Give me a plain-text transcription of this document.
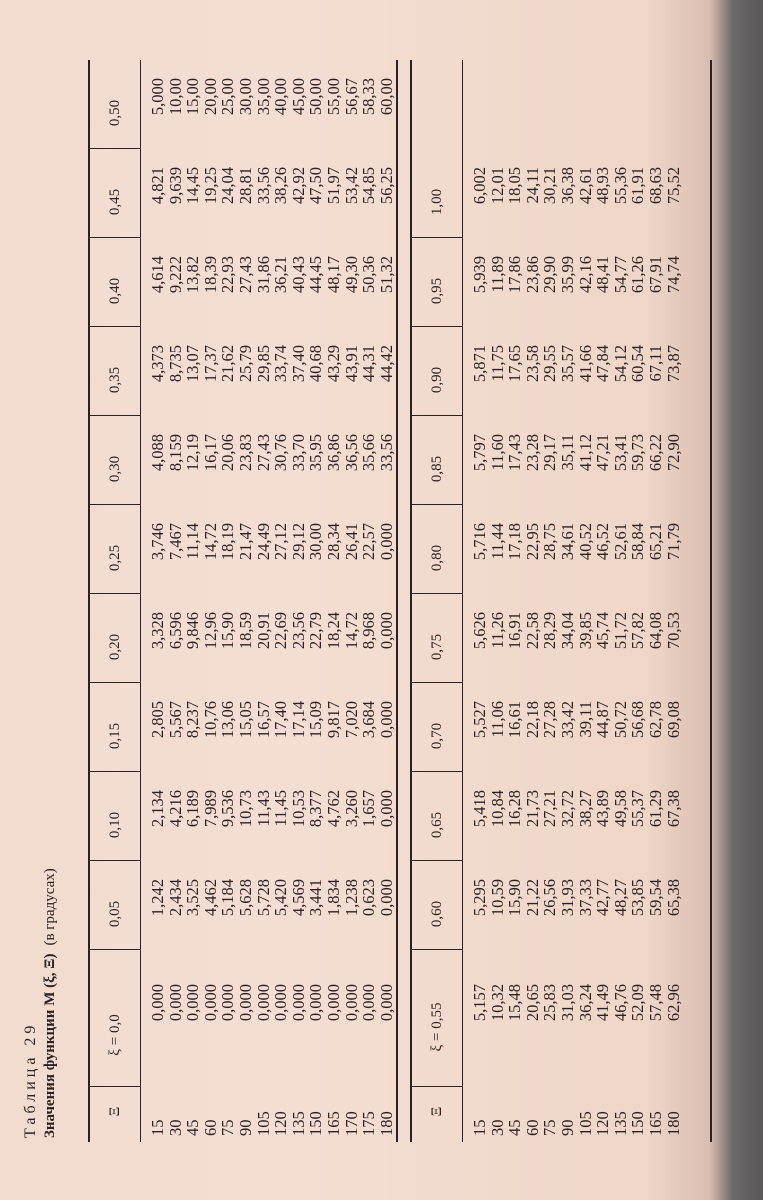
Таблица 29 Значения функции M (ξ, Ξ)(в градусах)
Ξ
ξ = 0,0
0,05
0,10
0,15
0,20
0,25
0,30
0,35
0,40
0,45
0,50
15
30
45
60
75
90
105
120
135
150
165
170
175
180
0,000
0,000
0,000
0,000
0,000
0,000
0,000
0,000
0,000
0,000
0,000
0,000
0,000
0,000
1,242
2,434
3,525
4,462
5,184
5,628
5,728
5,420
4,569
3,441
1,834
1,238
0,623
0,000
2,134
4,216
6,189
7,989
9,536
10,73
11,43
11,45
10,53
8,377
4,762
3,260
1,657
0,000
2,805
5,567
8,237
10,76
13,06
15,05
16,57
17,40
17,14
15,09
9,817
7,020
3,684
0,000
3,328
6,596
9,846
12,96
15,90
18,59
20,91
22,69
23,56
22,79
18,24
14,72
8,968
0,000
3,746
7,467
11,14
14,72
18,19
21,47
24,49
27,12
29,12
30,00
28,34
26,41
22,57
0,000
4,088
8,159
12,19
16,17
20,06
23,83
27,43
30,76
33,70
35,95
36,86
36,56
35,66
33,56
4,373
8,735
13,07
17,37
21,62
25,79
29,85
33,74
37,40
40,68
43,29
43,91
44,31
44,42
4,614
9,222
13,82
18,39
22,93
27,43
31,86
36,21
40,43
44,45
48,17
49,30
50,36
51,32
4,821
9,639
14,45
19,25
24,04
28,81
33,56
38,26
42,92
47,50
51,97
53,42
54,85
56,25
5,000
10,00
15,00
20,00
25,00
30,00
35,00
40,00
45,00
50,00
55,00
56,67
58,33
60,00
Ξ
ξ = 0,55
0,60
0,65
0,70
0,75
0,80
0,85
0,90
0,95
1,00
15
30
45
60
75
90
105
120
135
150
165
180
5,157
10,32
15,48
20,65
25,83
31,03
36,24
41,49
46,76
52,09
57,48
62,96
5,295
10,59
15,90
21,22
26,56
31,93
37,33
42,77
48,27
53,85
59,54
65,38
5,418
10,84
16,28
21,73
27,21
32,72
38,27
43,89
49,58
55,37
61,29
67,38
5,527
11,06
16,61
22,18
27,28
33,42
39,11
44,87
50,72
56,68
62,78
69,08
5,626
11,26
16,91
22,58
28,29
34,04
39,85
45,74
51,72
57,82
64,08
70,53
5,716
11,44
17,18
22,95
28,75
34,61
40,52
46,52
52,61
58,84
65,21
71,79
5,797
11,60
17,43
23,28
29,17
35,11
41,12
47,21
53,41
59,73
66,22
72,90
5,871
11,75
17,65
23,58
29,55
35,57
41,66
47,84
54,12
60,54
67,11
73,87
5,939
11,89
17,86
23,86
29,90
35,99
42,16
48,41
54,77
61,26
67,91
74,74
6,002
12,01
18,05
24,11
30,21
36,38
42,61
48,93
55,36
61,91
68,63
75,52
